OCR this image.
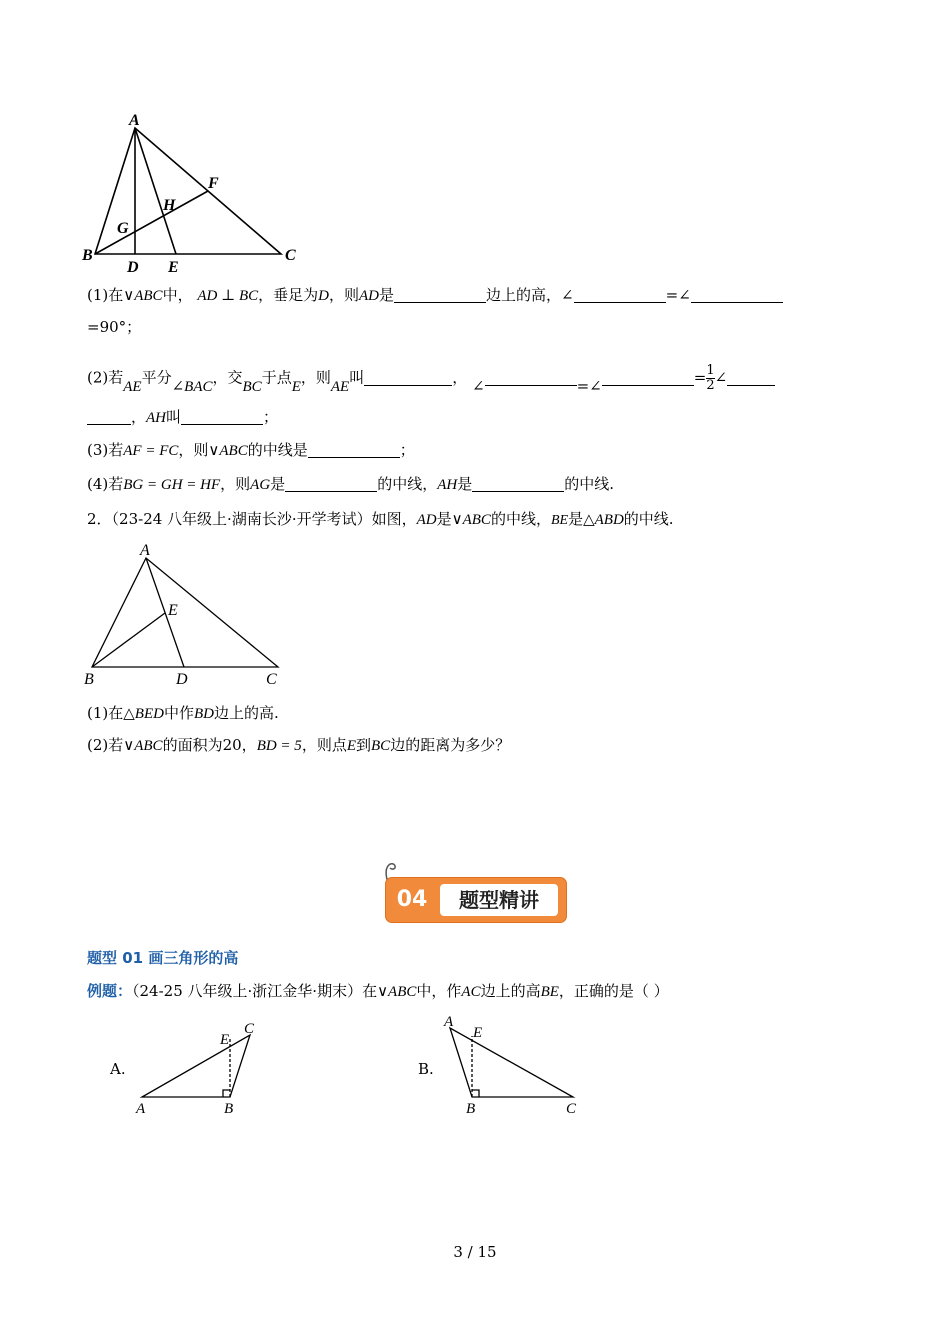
A
B	C
D E
F
G
H
(1)在∨ABC中， AD ⊥ BC，垂足为D，则AD是	边上的高，∠	=∠
=90°；
(2)若AE平分∠BAC，交BC于点E，则AE叫	， ∠	=∠	= $\frac{1}{2}$ ∠
，AH叫	；
(3)若AF = FC，则∨ABC的中线是	；
(4)若BG = GH = HF，则AG是	的中线，AH是	的中线.
2．（23-24 八年级上·湖南长沙·开学考试）如图，AD是∨ABC的中线，BE是△ABD的中线.
A
B	C
D
E
(1)在△BED中作BD边上的高.
(2)若∨ABC的面积为20，BD = 5，则点E到BC边的距离为多少？
04	题型精讲
题型 01 画三角形的高
例题：（24-25 八年级上·浙江金华·期末）在∨ABC中，作AC边上的高BE，正确的是（ ）
A.
A	B
C
E
B.
A
B	C
E
3 / 15
